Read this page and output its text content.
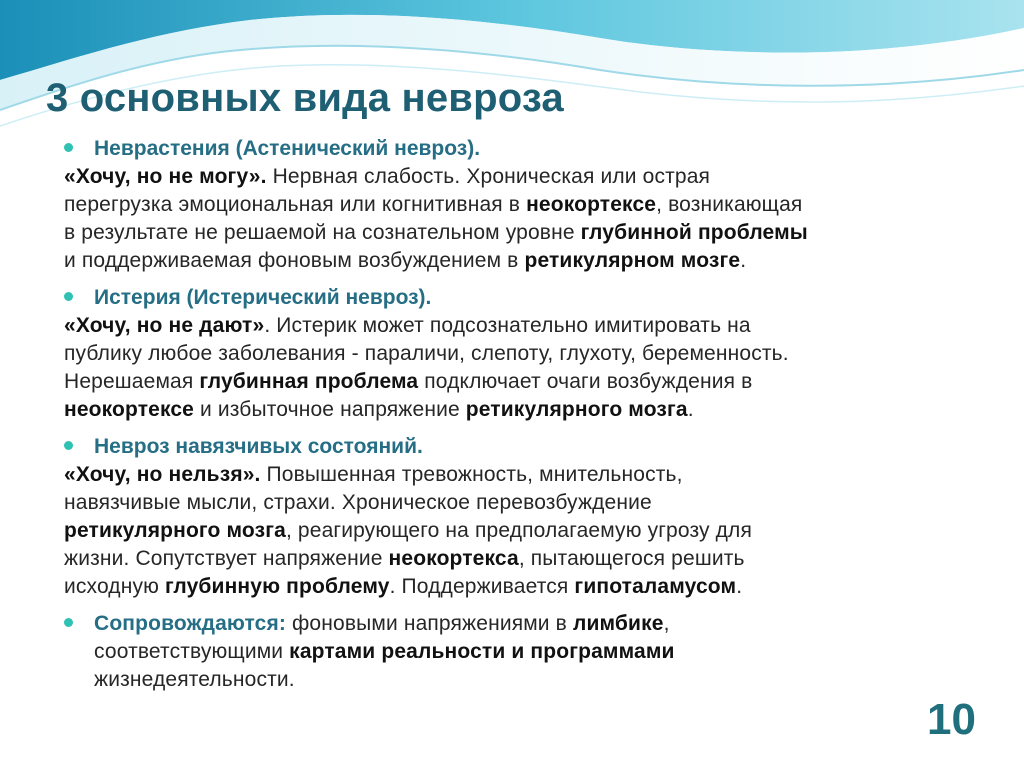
3 основных вида невроза
Неврастения (Астенический невроз).
«Хочу, но не могу». Нервная слабость. Хроническая или острая
перегрузка эмоциональная или когнитивная в неокортексе, возникающая
в результате не решаемой на сознательном уровне глубинной проблемы
и поддерживаемая фоновым возбуждением в ретикулярном мозге.
Истерия (Истерический невроз).
«Хочу, но не дают». Истерик может подсознательно имитировать на
публику любое заболевания - параличи, слепоту, глухоту, беременность.
Нерешаемая глубинная проблема подключает очаги возбуждения в
неокортексе и избыточное напряжение ретикулярного мозга.
Невроз навязчивых состояний.
«Хочу, но нельзя». Повышенная тревожность, мнительность,
навязчивые мысли, страхи. Хроническое перевозбуждение
ретикулярного мозга, реагирующего на предполагаемую угрозу для
жизни. Сопутствует напряжение неокортекса, пытающегося решить
исходную глубинную проблему. Поддерживается гипоталамусом.
Сопровождаются: фоновыми напряжениями в лимбике,
соответствующими картами реальности и программами
жизнедеятельности.
10
